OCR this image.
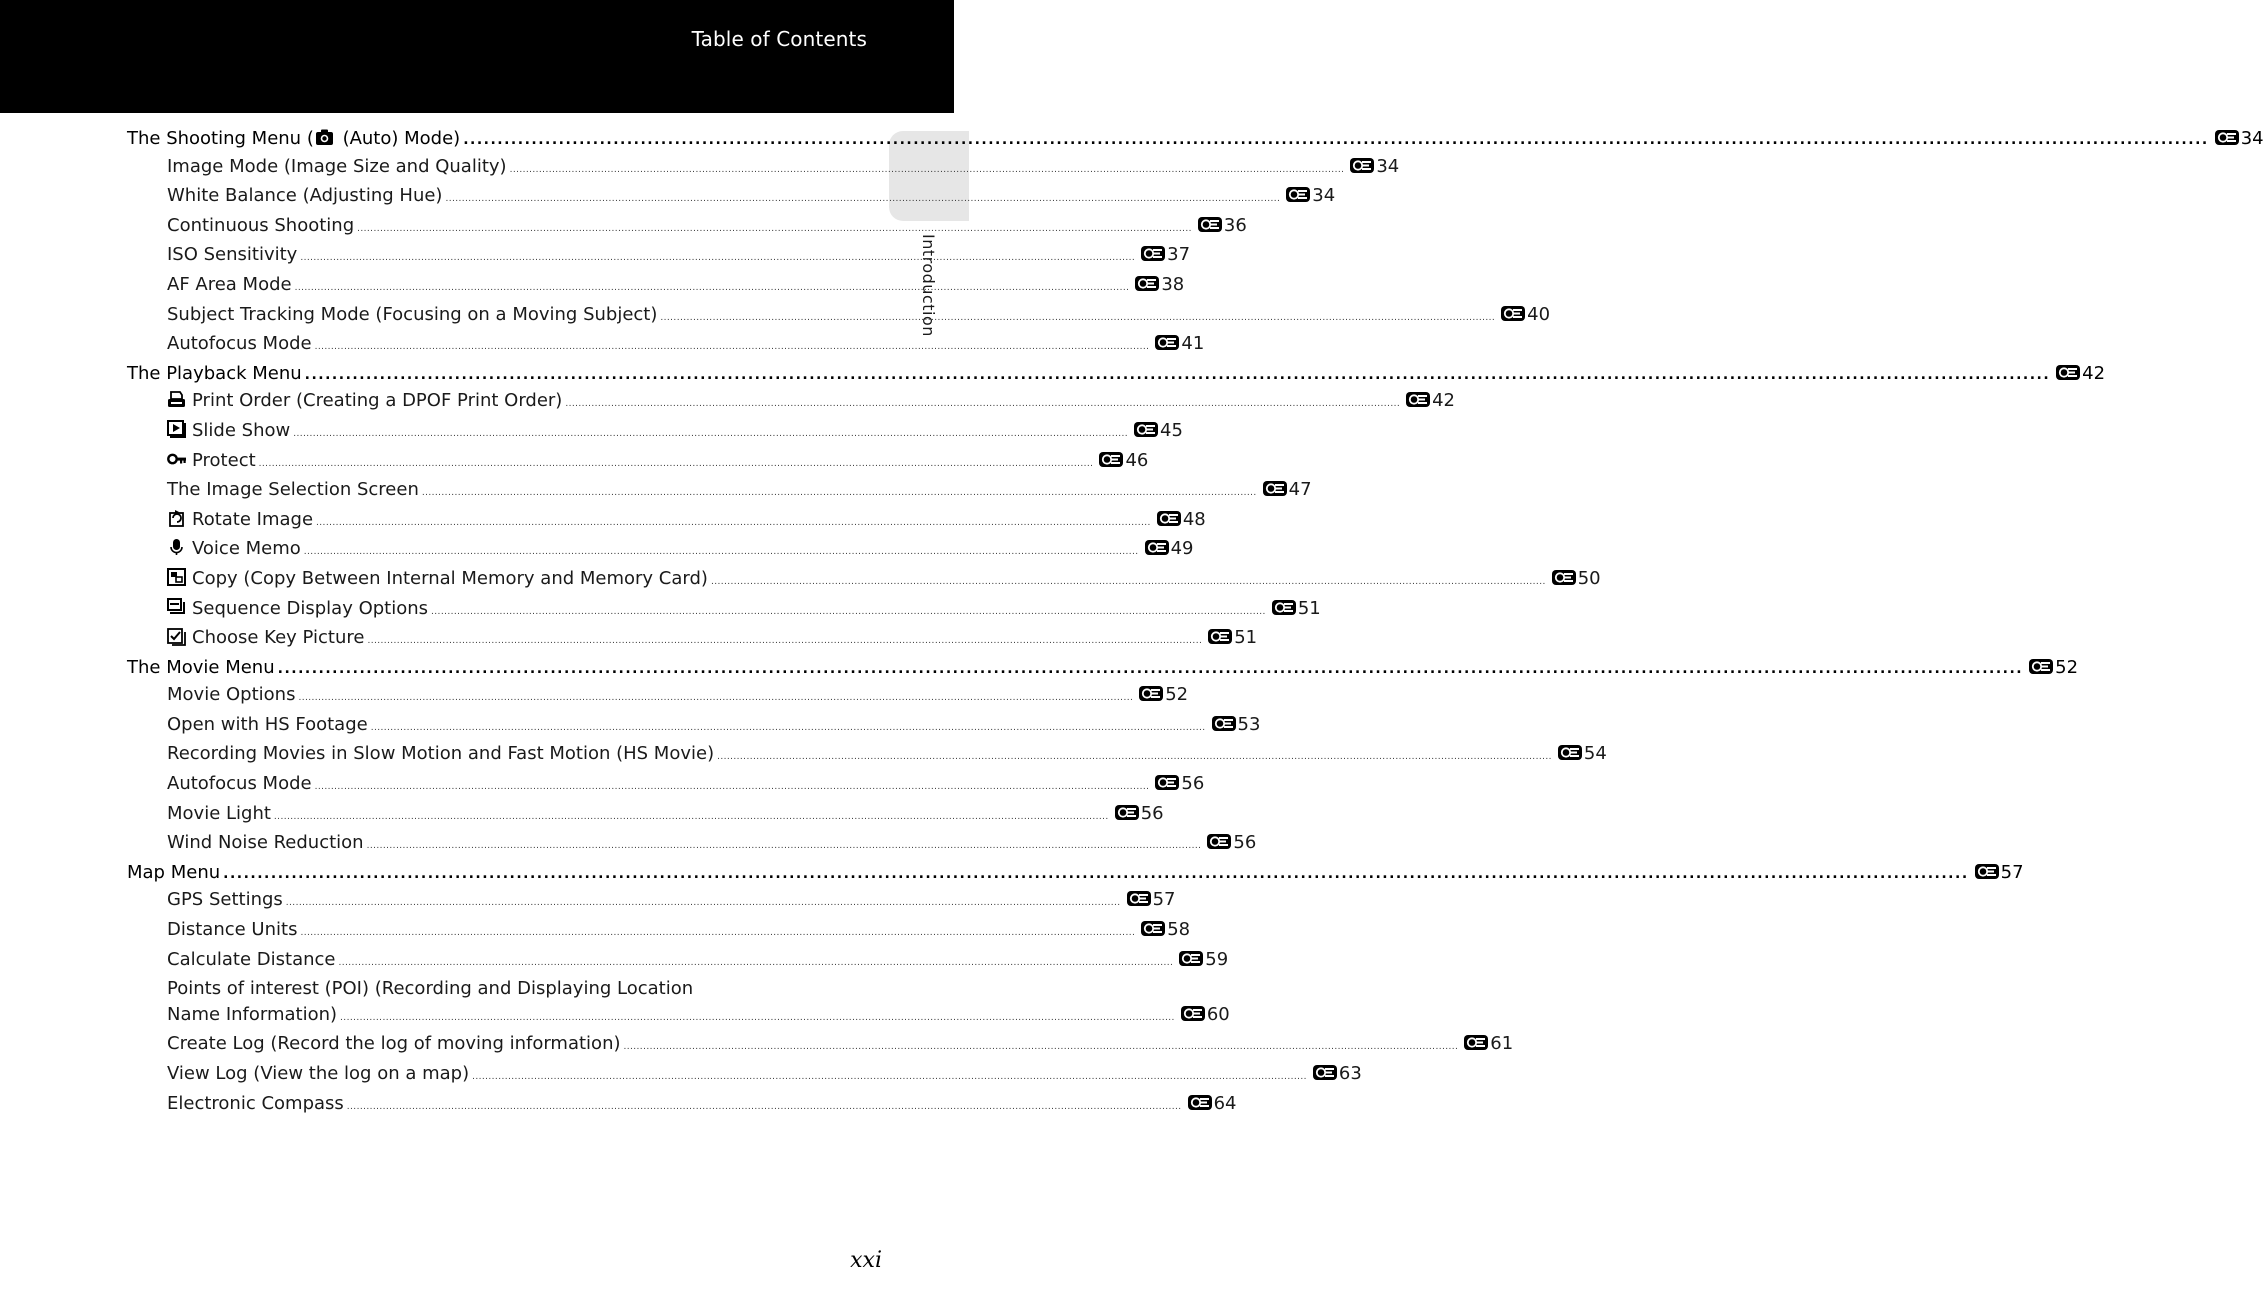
Table of Contents
Introduction
The Shooting Menu (
(Auto) Mode) ................................................................................................................................................................................................................................................................ 34
Image Mode (Image Size and Quality) ................................................................................................................................................................................................................................................................ 34
White Balance (Adjusting Hue) ................................................................................................................................................................................................................................................................ 34
Continuous Shooting ................................................................................................................................................................................................................................................................ 36
ISO Sensitivity ................................................................................................................................................................................................................................................................ 37
AF Area Mode ................................................................................................................................................................................................................................................................ 38
Subject Tracking Mode (Focusing on a Moving Subject) ................................................................................................................................................................................................................................................................ 40
Autofocus Mode ................................................................................................................................................................................................................................................................ 41
The Playback Menu ................................................................................................................................................................................................................................................................ 42
Print Order (Creating a DPOF Print Order) ................................................................................................................................................................................................................................................................ 42
Slide Show ................................................................................................................................................................................................................................................................ 45
Protect ................................................................................................................................................................................................................................................................ 46
The Image Selection Screen ................................................................................................................................................................................................................................................................ 47
Rotate Image ................................................................................................................................................................................................................................................................ 48
Voice Memo ................................................................................................................................................................................................................................................................ 49
Copy (Copy Between Internal Memory and Memory Card) ................................................................................................................................................................................................................................................................ 50
Sequence Display Options ................................................................................................................................................................................................................................................................ 51
Choose Key Picture ................................................................................................................................................................................................................................................................ 51
The Movie Menu ................................................................................................................................................................................................................................................................ 52
Movie Options ................................................................................................................................................................................................................................................................ 52
Open with HS Footage ................................................................................................................................................................................................................................................................ 53
Recording Movies in Slow Motion and Fast Motion (HS Movie) ................................................................................................................................................................................................................................................................ 54
Autofocus Mode ................................................................................................................................................................................................................................................................ 56
Movie Light ................................................................................................................................................................................................................................................................ 56
Wind Noise Reduction ................................................................................................................................................................................................................................................................ 56
Map Menu ................................................................................................................................................................................................................................................................ 57
GPS Settings ................................................................................................................................................................................................................................................................ 57
Distance Units ................................................................................................................................................................................................................................................................ 58
Calculate Distance ................................................................................................................................................................................................................................................................ 59
Points of interest (POI) (Recording and Displaying Location
Name Information) ................................................................................................................................................................................................................................................................ 60
Create Log (Record the log of moving information) ................................................................................................................................................................................................................................................................ 61
View Log (View the log on a map) ................................................................................................................................................................................................................................................................ 63
Electronic Compass ................................................................................................................................................................................................................................................................ 64
xxi
